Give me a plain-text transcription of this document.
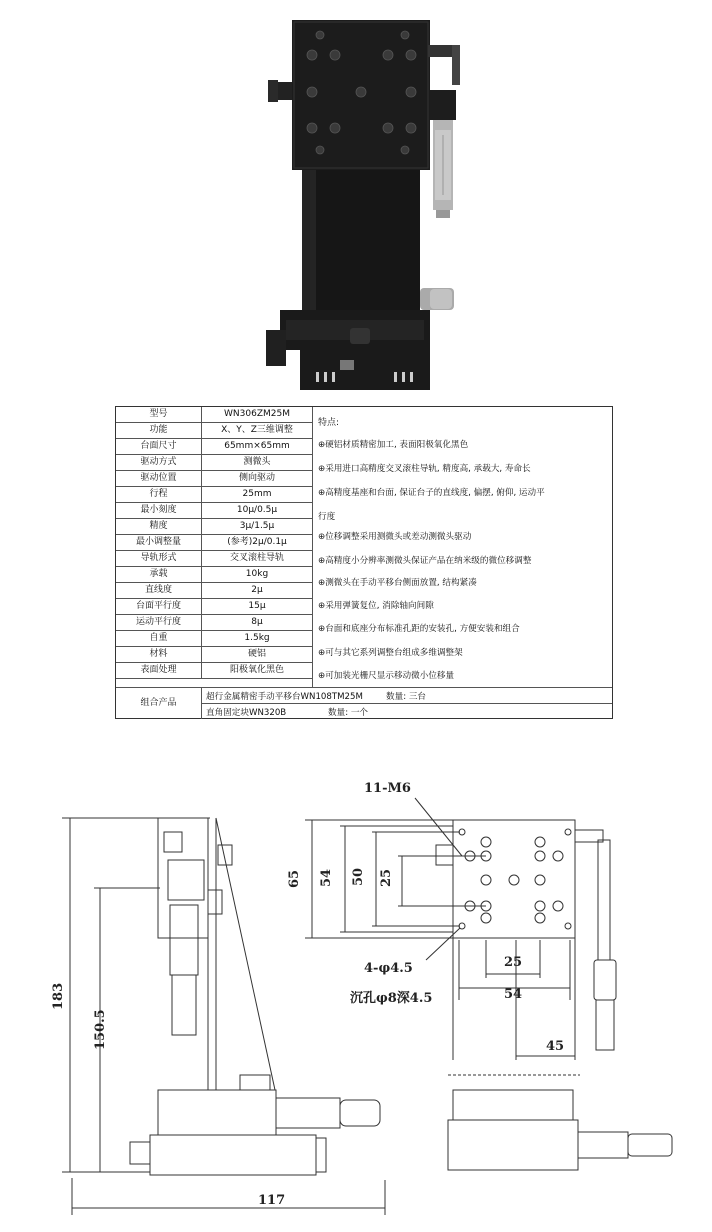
型号	WN306ZM25M
功能	X、Y、Z三维调整
台面尺寸	65mm×65mm
驱动方式	测微头
驱动位置	侧向驱动
行程	25mm
最小刻度	10μ/0.5μ
精度	3μ/1.5μ
最小调整量	(参考)2μ/0.1μ
导轨形式	交叉滚柱导轨
承载	10kg
直线度	2μ
台面平行度	15μ
运动平行度	8μ
自重	1.5kg
材料	硬铝
表面处理	阳极氧化黑色
特点:
⊕硬铝材质精密加工, 表面阳极氧化黑色
⊕采用进口高精度交叉滚柱导轨, 精度高, 承载大, 寿命长
⊕高精度基座和台面, 保证台子的直线度, 偏摆, 俯仰, 运动平
行度
⊕位移调整采用测微头或差动测微头驱动
⊕高精度小分辨率测微头保证产品在纳米级的微位移调整
⊕测微头在手动平移台侧面放置, 结构紧凑
⊕采用弹簧复位, 消除轴向间隙
⊕台面和底座分布标准孔距的安装孔, 方便安装和组合
⊕可与其它系列调整台组成多维调整架
⊕可加装光栅尺显示移动微小位移量
组合产品
超行金属精密手动平移台WN108TM25M	数量: 三台
直角固定块WN320B	数量: 一个
11-M6
65 54 50 25
4-φ4.5
沉孔φ8深4.5
25
54
45
183
150.5
117
